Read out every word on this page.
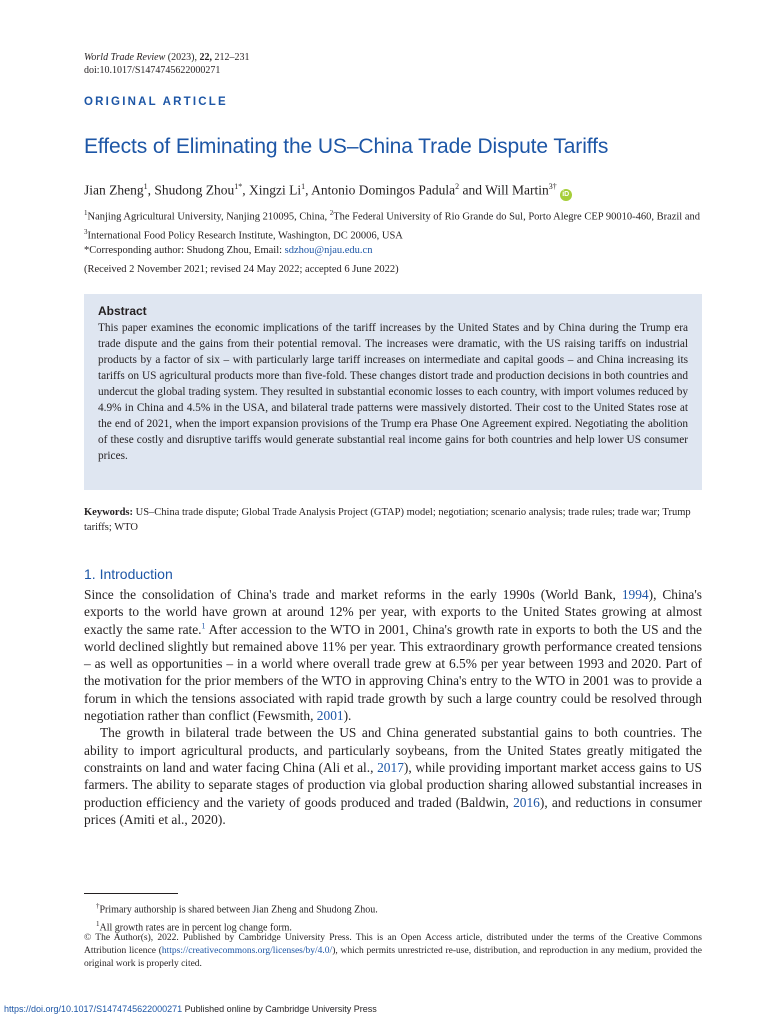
World Trade Review (2023), 22, 212–231
doi:10.1017/S1474745622000271
ORIGINAL ARTICLE
Effects of Eliminating the US–China Trade Dispute Tariffs
Jian Zheng$^1$, Shudong Zhou$^{1*}$, Xingzi Li$^1$, Antonio Domingos Padula$^2$ and Will Martin$^{3\dagger}$iD
$^1$Nanjing Agricultural University, Nanjing 210095, China, $^2$The Federal University of Rio Grande do Sul, Porto Alegre CEP 90010-460, Brazil and $^3$International Food Policy Research Institute, Washington, DC 20006, USA
*Corresponding author: Shudong Zhou, Email: sdzhou@njau.edu.cn
(Received 2 November 2021; revised 24 May 2022; accepted 6 June 2022)
Abstract
This paper examines the economic implications of the tariff increases by the United States and by China during the Trump era trade dispute and the gains from their potential removal. The increases were dramatic, with the US raising tariffs on industrial products by a factor of six – with particularly large tariff increases on intermediate and capital goods – and China increasing its tariffs on US agricultural products more than five-fold. These changes distort trade and production decisions in both countries and undercut the global trading system. They resulted in substantial economic losses to each country, with import volumes reduced by 4.9% in China and 4.5% in the USA, and bilateral trade patterns were massively distorted. Their cost to the United States rose at the end of 2021, when the import expansion provisions of the Trump era Phase One Agreement expired. Negotiating the abolition of these costly and disruptive tariffs would generate substantial real income gains for both countries and help lower US consumer prices.
Keywords: US–China trade dispute; Global Trade Analysis Project (GTAP) model; negotiation; scenario analysis; trade rules; trade war; Trump tariffs; WTO
1. Introduction

Since the consolidation of China's trade and market reforms in the early 1990s (World Bank, 1994), China's exports to the world have grown at around 12% per year, with exports to the United States growing at almost exactly the same rate.$^1$ After accession to the WTO in 2001, China's growth rate in exports to both the US and the world declined slightly but remained above 11% per year. This extraordinary growth performance created tensions – as well as opportunities – in a world where overall trade grew at 6.5% per year between 1993 and 2020. Part of the motivation for the prior members of the WTO in approving China's entry to the WTO in 2001 was to provide a forum in which the tensions associated with rapid trade growth by such a large country could be resolved through negotiation rather than conflict (Fewsmith, 2001).

The growth in bilateral trade between the US and China generated substantial gains to both countries. The ability to import agricultural products, and particularly soybeans, from the United States greatly mitigated the constraints on land and water facing China (Ali et al., 2017), while providing important market access gains to US farmers. The ability to separate stages of production via global production sharing allowed substantial increases in production efficiency and the variety of goods produced and traded (Baldwin, 2016), and reductions in consumer prices (Amiti et al., 2020).

†Primary authorship is shared between Jian Zheng and Shudong Zhou.
$^1$All growth rates are in percent log change form.
© The Author(s), 2022. Published by Cambridge University Press. This is an Open Access article, distributed under the terms of the Creative Commons Attribution licence (https://creativecommons.org/licenses/by/4.0/), which permits unrestricted re-use, distribution, and reproduction in any medium, provided the original work is properly cited.
https://doi.org/10.1017/S1474745622000271 Published online by Cambridge University Press
